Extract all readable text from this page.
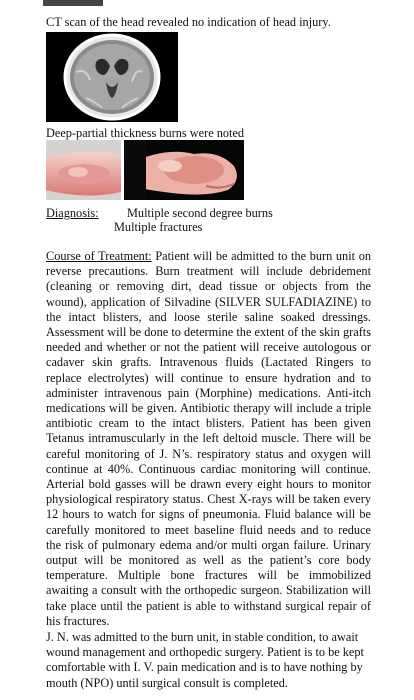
CT scan of the head revealed no indication of head injury.

Deep-partial thickness burns were noted

Diagnosis: Multiple second degree burns
Multiple fractures

Course of Treatment: Patient will be admitted to the burn unit on reverse precautions. Burn treatment will include debridement (cleaning or removing dirt, dead tissue or objects from the wound), application of Silvadine (SILVER SULFADIAZINE) to the intact blisters, and loose sterile saline soaked dressings. Assessment will be done to determine the extent of the skin grafts needed and whether or not the patient will receive autologous or cadaver skin grafts. Intravenous fluids (Lactated Ringers to replace electrolytes) will continue to ensure hydration and to administer intravenous pain (Morphine) medications. Anti-itch medications will be given. Antibiotic therapy will include a triple antibiotic cream to the intact blisters. Patient has been given Tetanus intramuscularly in the left deltoid muscle. There will be careful monitoring of J. N’s. respiratory status and oxygen will continue at 40%. Continuous cardiac monitoring will continue. Arterial bold gasses will be drawn every eight hours to monitor physiological respiratory status. Chest X-rays will be taken every 12 hours to watch for signs of pneumonia. Fluid balance will be carefully monitored to meet baseline fluid needs and to reduce the risk of pulmonary edema and/or multi organ failure. Urinary output will be monitored as well as the patient’s core body temperature. Multiple bone fractures will be immobilized awaiting a consult with the orthopedic surgeon. Stabilization will take place until the patient is able to withstand surgical repair of his fractures.

J. N. was admitted to the burn unit, in stable condition, to await wound management and orthopedic surgery. Patient is to be kept comfortable with I. V. pain medication and is to have nothing by mouth (NPO) until surgical consult is completed.
